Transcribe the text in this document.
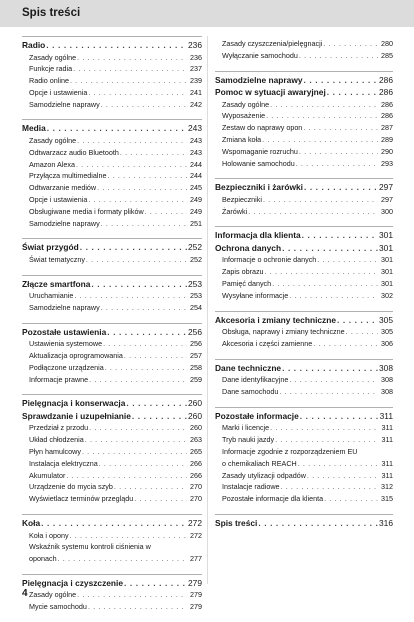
Spis treści
Radio . . .	236
Zasady ogólne . . .	236
Funkcje radia . . .	237
Radio online . . .	239
Opcje i ustawienia . . .	241
Samodzielne naprawy . . .	242
Media . . .	243
Zasady ogólne . . .	243
Odtwarzacz audio Bluetooth . . .	243
Amazon Alexa . . .	244
Przyłącza multimedialne . . .	244
Odtwarzanie mediów . . .	245
Opcje i ustawienia . . .	249
Obsługiwane media i formaty plików . . .	249
Samodzielne naprawy . . .	251
Świat przygód . . .	252
Świat tematyczny . . .	252
Złącze smartfona . . .	253
Uruchamianie . . .	253
Samodzielne naprawy . . .	254
Pozostałe ustawienia . . .	256
Ustawienia systemowe . . .	256
Aktualizacja oprogramowania . . .	257
Podłączone urządzenia . . .	258
Informacje prawne . . .	259
Pielęgnacja i konserwacja . . .	260
Sprawdzanie i uzupełnianie . . .	260
Przedział z przodu . . .	260
Układ chłodzenia . . .	263
Płyn hamulcowy . . .	265
Instalacja elektryczna . . .	266
Akumulator . . .	266
Urządzenie do mycia szyb . . .	270
Wyświetlacz terminów przeglądu . . .	270
Koła . . .	272
Koła i opony . . .	272
Wskaźnik systemu kontroli ciśnienia w
oponach . . .	277
Pielęgnacja i czyszczenie . . .	279
Zasady ogólne . . .	279
Mycie samochodu . . .	279
Zasady czyszczenia/pielęgnacji . . .	280
Wyłączanie samochodu . . .	285
Samodzielne naprawy . . .	286
Pomoc w sytuacji awaryjnej . . .	286
Zasady ogólne . . .	286
Wyposażenie . . .	286
Zestaw do naprawy opon . . .	287
Zmiana koła . . .	289
Wspomaganie rozruchu . . .	290
Holowanie samochodu . . .	293
Bezpieczniki i żarówki . . .	297
Bezpieczniki . . .	297
Żarówki . . .	300
Informacja dla klienta . . .	301
Ochrona danych . . .	301
Informacje o ochronie danych . . .	301
Zapis obrazu . . .	301
Pamięć danych . . .	301
Wysyłane informacje . . .	302
Akcesoria i zmiany techniczne . . .	305
Obsługa, naprawy i zmiany techniczne . . .	305
Akcesoria i części zamienne . . .	306
Dane techniczne . . .	308
Dane identyfikacyjne . . .	308
Dane samochodu . . .	308
Pozostałe informacje . . .	311
Marki i licencje . . .	311
Tryb nauki jazdy . . .	311
Informacje zgodnie z rozporządzeniem EU
o chemikaliach REACH . . .	311
Zasady utylizacji odpadów . . .	311
Instalacje radiowe . . .	312
Pozostałe informacje dla klienta . . .	315
Spis treści . . .	316
4
